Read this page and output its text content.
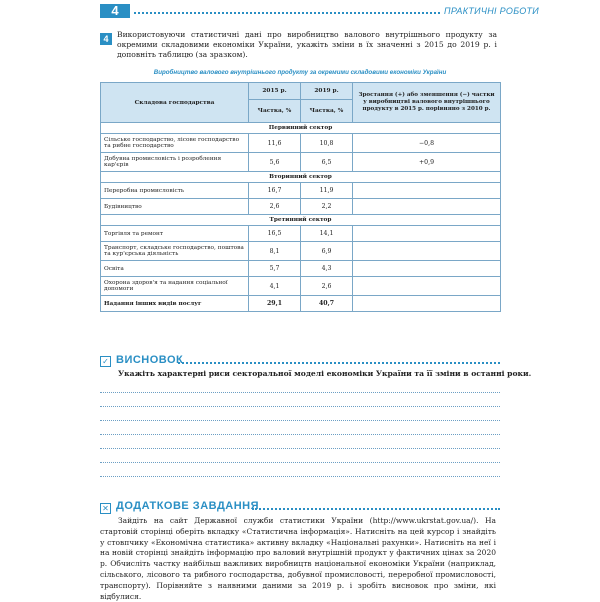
4	ПРАКТИЧНІ РОБОТИ
4	Використовуючи статистичні дані про виробництво валового внутрішнього продукту за окремими складовими економіки України, укажіть зміни в їх значенні з 2015 до 2019 р. і доповніть таблицю (за зразком).
Виробництво валового внутрішнього продукту за окремими складовими економіки України
Складова господарства	2015 р.	2019 р.	Зростання (+) або зменшення (−) частки у виробництві валового внутрішнього продукту в 2015 р. порівняно з 2010 р.
	Частка, %	Частка, %	
Первинний сектор			
Сільське господарство, лісове господарство та рибне господарство	11,6	10,8	−0,8
Добувна промисловість і розроблення кар'єрів	5,6	6,5	+0,9
Вторинний сектор			
Переробна промисловість	16,7	11,9	
Будівництво	2,6	2,2	
Третинний сектор			
Торгівля та ремонт	16,5	14,1	
Транспорт, складське господарство, поштова та кур'єрська діяльність	8,1	6,9	
Освіта	5,7	4,3	
Охорона здоров'я та надання соціальної допомоги	4,1	2,6	
Надання інших видів послуг	29,1	40,7	
✓ ВИСНОВОК
Укажіть характерні риси секторальної моделі економіки України та її зміни в останні роки.
✕ ДОДАТКОВЕ ЗАВДАННЯ
Зайдіть на сайт Державної служби статистики України (http://www.ukrstat.gov.ua/). На стартовій сторінці оберіть вкладку «Статистична інформація». Натисніть на цей курсор і знайдіть у стовпчику «Економічна статистика» активну вкладку «Національні рахунки». Натисніть на неї і на новій сторінці знайдіть інформацію про валовий внутрішній продукт у фактичних цінах за 2020 р. Обчисліть частку найбільш важливих виробництв національної економіки України (наприклад, сільського, лісового та рибного господарства, добувної промисловості, переробної промисловості, транспорту). Порівняйте з наявними даними за 2019 р. і зробіть висновок про зміни, які відбулися.
